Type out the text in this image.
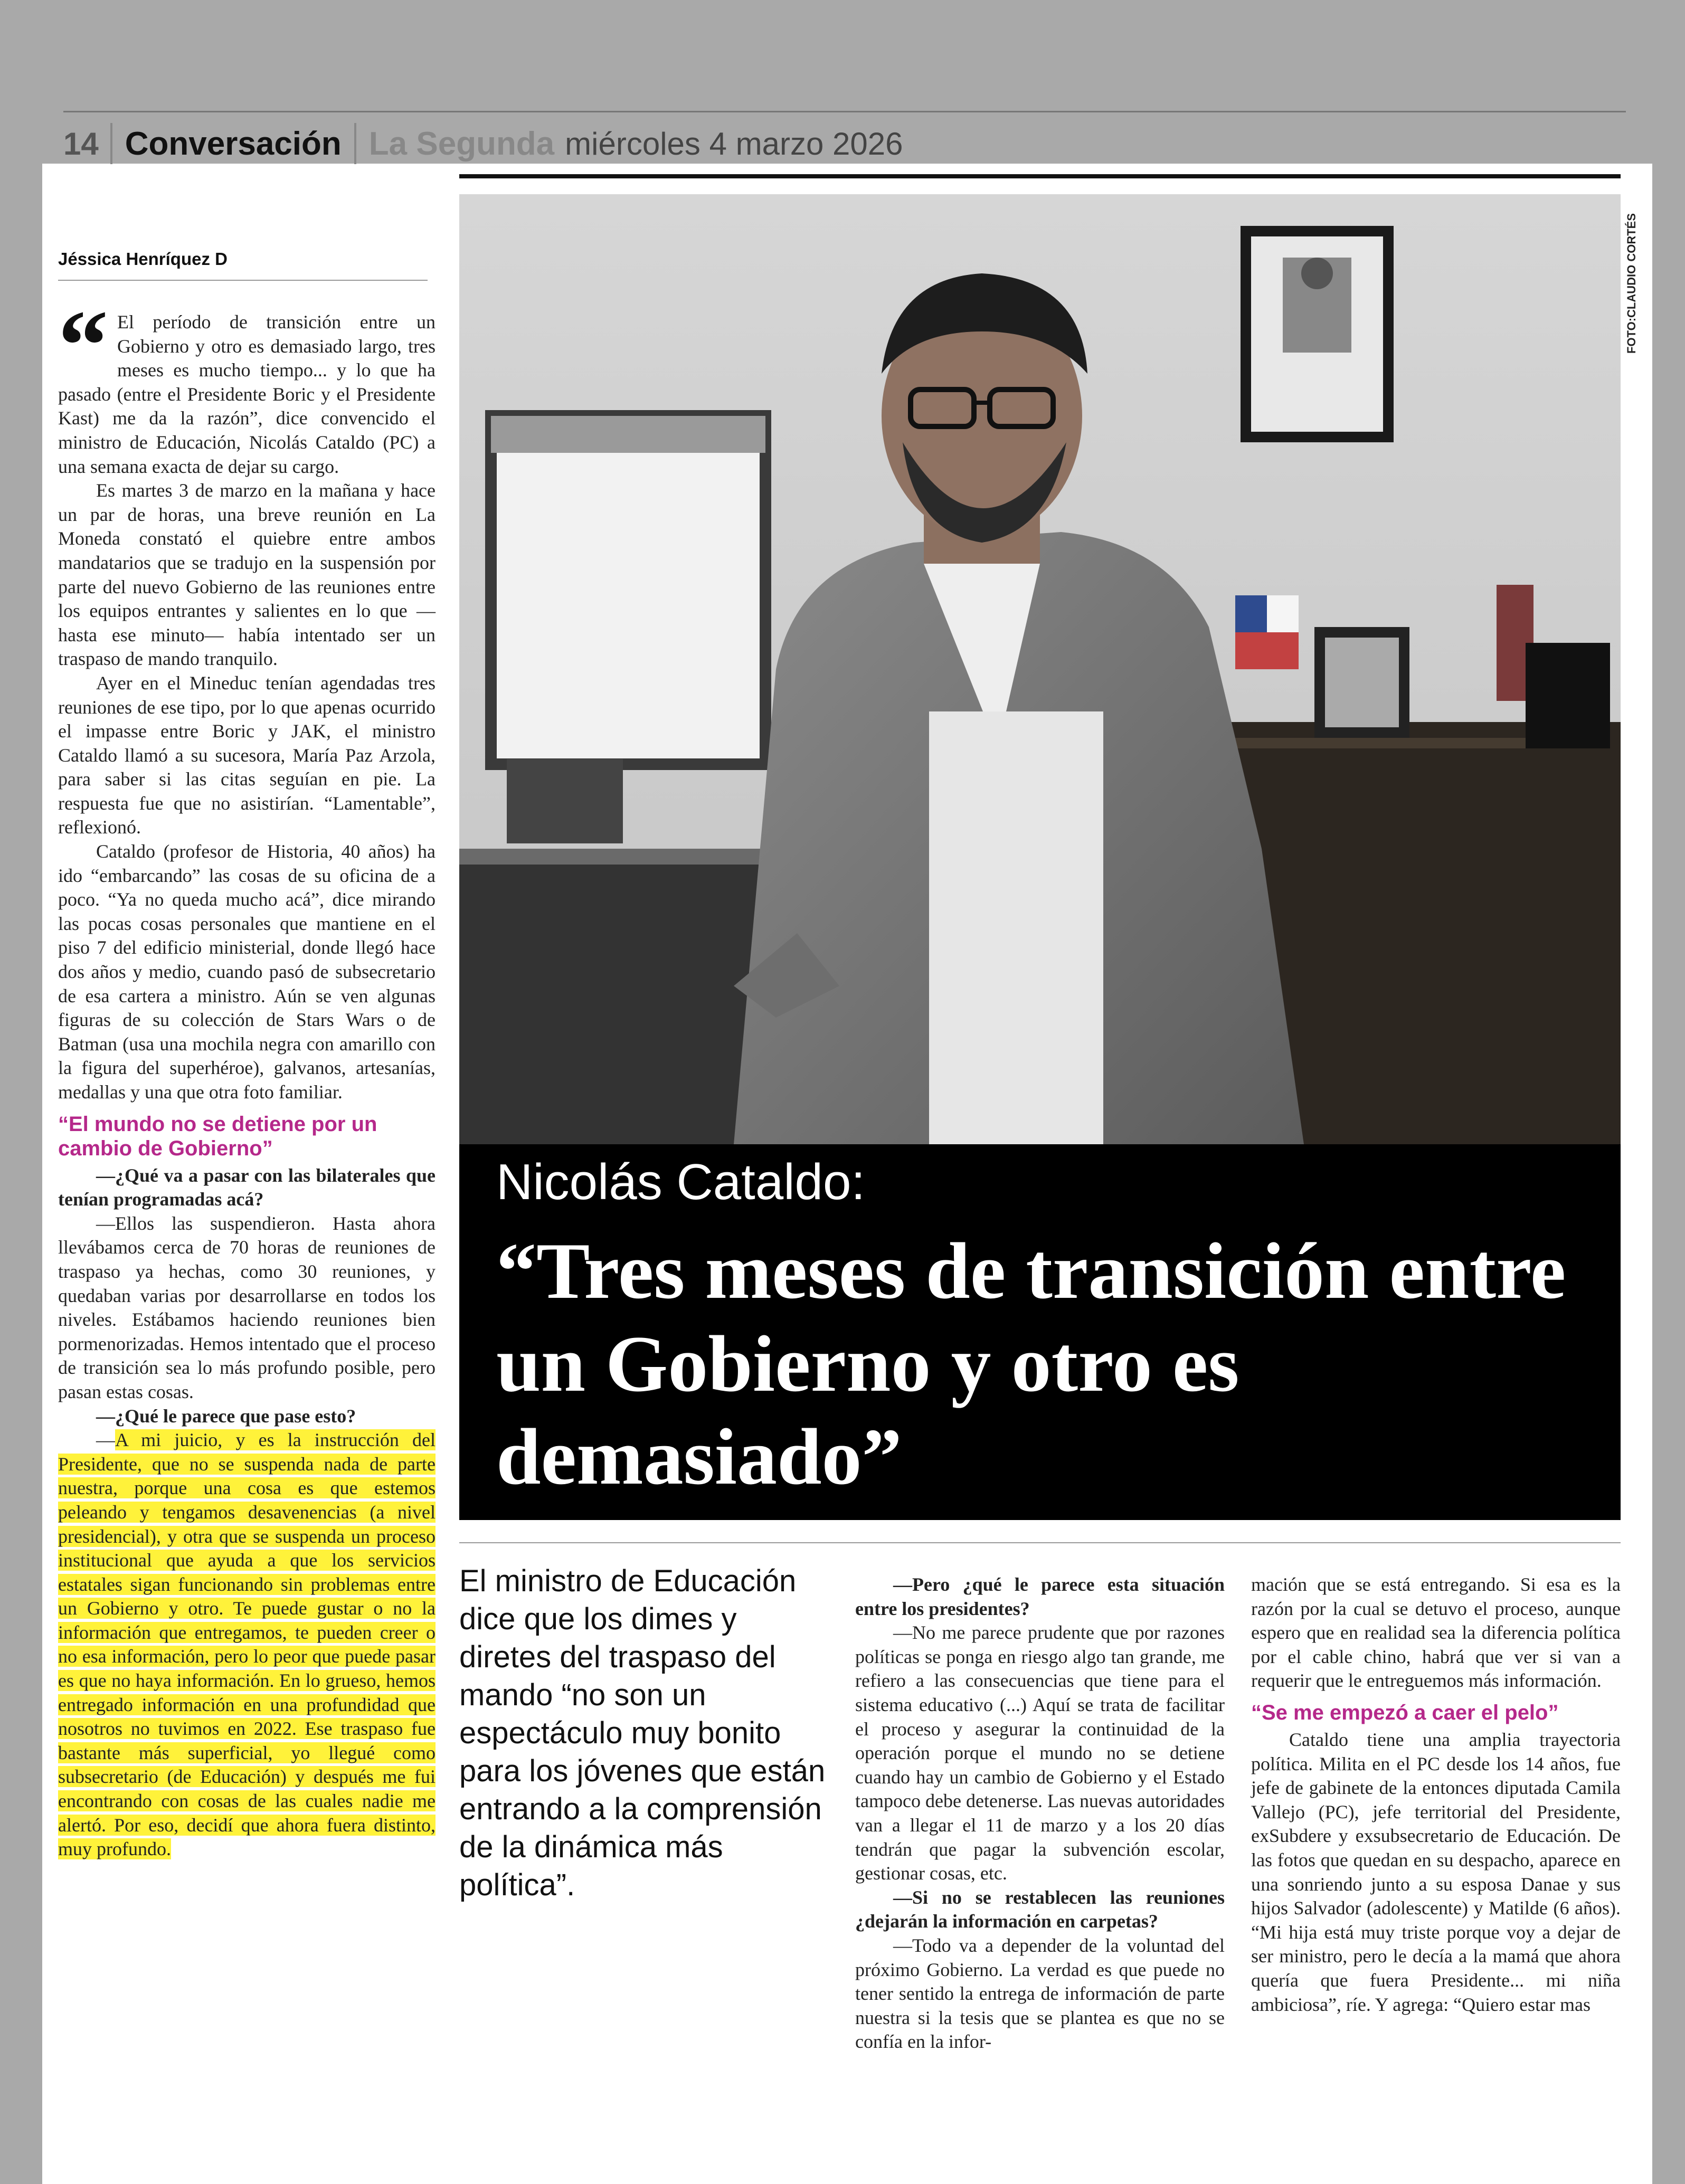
14 Conversación La Segunda miércoles 4 marzo 2026
Jéssica Henríquez D
“ El período de transición entre un Gobierno y otro es demasiado largo, tres meses es mucho tiempo... y lo que ha pasado (entre el Presidente Boric y el Presidente Kast) me da la razón”, dice convencido el ministro de Educación, Nicolás Cataldo (PC) a una semana exacta de dejar su cargo.

Es martes 3 de marzo en la mañana y hace un par de horas, una breve reunión en La Moneda constató el quiebre entre ambos mandatarios que se tradujo en la suspensión por parte del nuevo Gobierno de las reuniones entre los equipos entrantes y salientes en lo que —hasta ese minuto— había intentado ser un traspaso de mando tranquilo.

Ayer en el Mineduc tenían agendadas tres reuniones de ese tipo, por lo que apenas ocurrido el impasse entre Boric y JAK, el ministro Cataldo llamó a su sucesora, María Paz Arzola, para saber si las citas seguían en pie. La respuesta fue que no asistirían. “Lamentable”, reflexionó.

Cataldo (profesor de Historia, 40 años) ha ido “embarcando” las cosas de su oficina de a poco. “Ya no queda mucho acá”, dice mirando las pocas cosas personales que mantiene en el piso 7 del edificio ministerial, donde llegó hace dos años y medio, cuando pasó de subsecretario de esa cartera a ministro. Aún se ven algunas figuras de su colección de Stars Wars o de Batman (usa una mochila negra con amarillo con la figura del superhéroe), galvanos, artesanías, medallas y una que otra foto familiar.

“El mundo no se detiene por un cambio de Gobierno”

—¿Qué va a pasar con las bilaterales que tenían programadas acá?

—Ellos las suspendieron. Hasta ahora llevábamos cerca de 70 horas de reuniones de traspaso ya hechas, como 30 reuniones, y quedaban varias por desarrollarse en todos los niveles. Estábamos haciendo reuniones bien pormenorizadas. Hemos intentado que el proceso de transición sea lo más profundo posible, pero pasan estas cosas.

—¿Qué le parece que pase esto?

—A mi juicio, y es la instrucción del Presidente, que no se suspenda nada de parte nuestra, porque una cosa es que estemos peleando y tengamos desavenencias (a nivel presidencial), y otra que se suspenda un proceso institucional que ayuda a que los servicios estatales sigan funcionando sin problemas entre un Gobierno y otro. Te puede gustar o no la información que entregamos, te pueden creer o no esa información, pero lo peor que puede pasar es que no haya información. En lo grueso, hemos entregado información en una profundidad que nosotros no tuvimos en 2022. Ese traspaso fue bastante más superficial, yo llegué como subsecretario (de Educación) y después me fui encontrando con cosas de las cuales nadie me alertó. Por eso, decidí que ahora fuera distinto, muy profundo.

FOTO:CLAUDIO CORTÉS
Nicolás Cataldo:
“Tres meses de transición entre un Gobierno y otro es demasiado”
El ministro de Educación dice que los dimes y diretes del traspaso del mando “no son un espectáculo muy bonito para los jóvenes que están entrando a la comprensión de la dinámica más política”.

—Pero ¿qué le parece esta situación entre los presidentes?

—No me parece prudente que por razones políticas se ponga en riesgo algo tan grande, me refiero a las consecuencias que tiene para el sistema educativo (...) Aquí se trata de facilitar el proceso y asegurar la continuidad de la operación porque el mundo no se detiene cuando hay un cambio de Gobierno y el Estado tampoco debe detenerse. Las nuevas autoridades van a llegar el 11 de marzo y a los 20 días tendrán que pagar la subvención escolar, gestionar cosas, etc.

—Si no se restablecen las reuniones ¿dejarán la información en carpetas?

—Todo va a depender de la voluntad del próximo Gobierno. La verdad es que puede no tener sentido la entrega de información de parte nuestra si la tesis que se plantea es que no se confía en la infor-

mación que se está entregando. Si esa es la razón por la cual se detuvo el proceso, aunque espero que en realidad sea la diferencia política por el cable chino, habrá que ver si van a requerir que le entreguemos más información.

“Se me empezó a caer el pelo”

Cataldo tiene una amplia trayectoria política. Milita en el PC desde los 14 años, fue jefe de gabinete de la entonces diputada Camila Vallejo (PC), jefe territorial del Presidente, exSubdere y exsubsecretario de Educación. De las fotos que quedan en su despacho, aparece en una sonriendo junto a su esposa Danae y sus hijos Salvador (adolescente) y Matilde (6 años). “Mi hija está muy triste porque voy a dejar de ser ministro, pero le decía a la mamá que ahora quería que fuera Presidente... mi niña ambiciosa”, ríe. Y agrega: “Quiero estar mas
